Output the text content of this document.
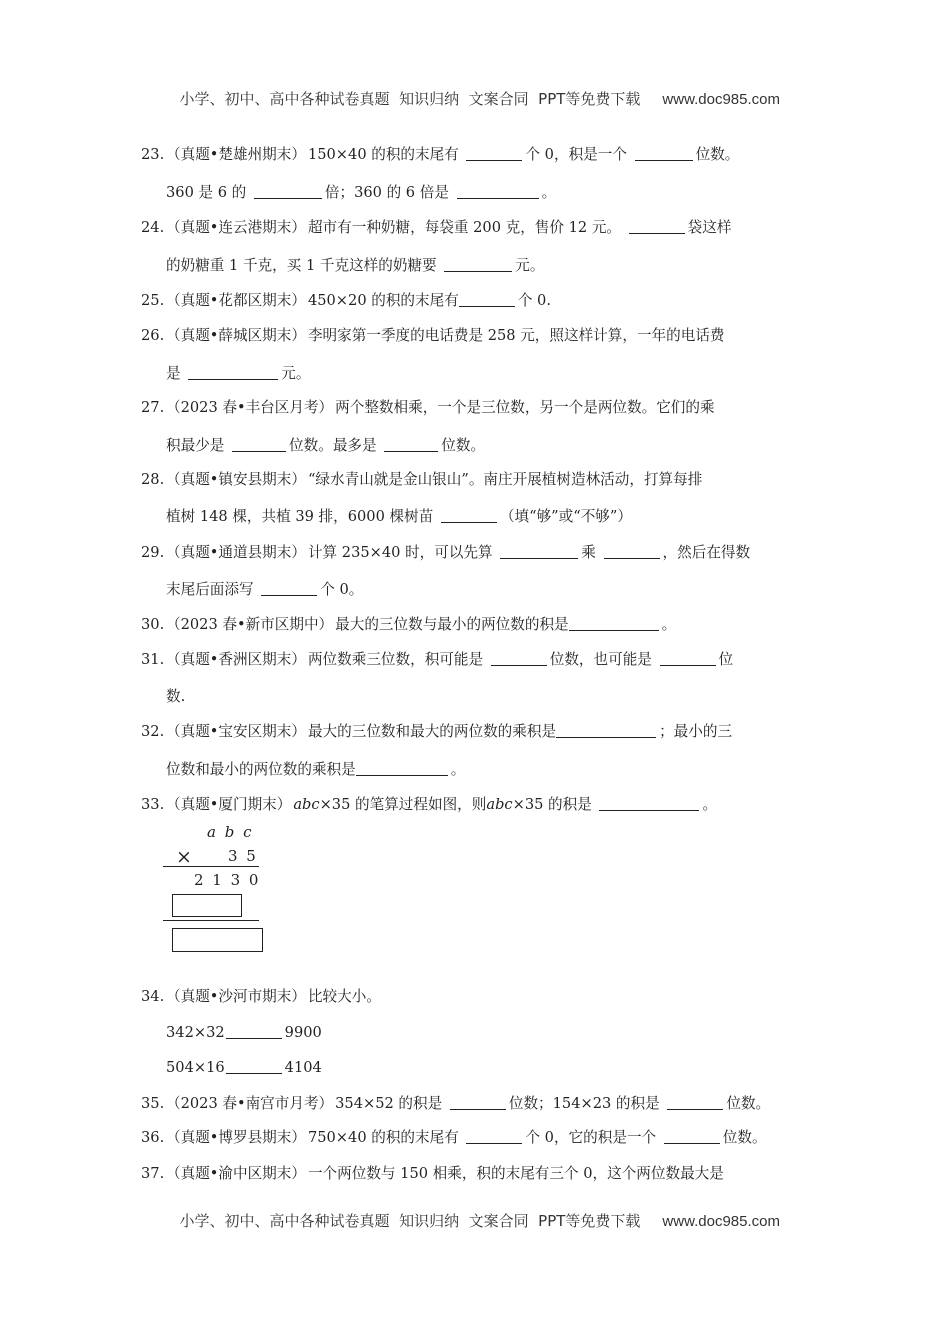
小学、初中、高中各种试卷真题  知识归纳  文案合同  PPT等免费下载 www.doc985.com

23. （真题•楚雄州期末） 150×40 的积的末尾有	个 0，积是一个	位数。
360 是 6 的	倍；360 的 6 倍是	。
24. （真题•连云港期末） 超市有一种奶糖，每袋重 200 克，售价 12 元。	袋这样
的奶糖重 1 千克，买 1 千克这样的奶糖要	元。
25. （真题•花都区期末） 450×20 的积的末尾有	个 0.
26. （真题•薛城区期末） 李明家第一季度的电话费是 258 元，照这样计算，一年的电话费
是	元。
27. （2023 春•丰台区月考） 两个整数相乘，一个是三位数，另一个是两位数。它们的乘
积最少是	位数。最多是	位数。
28. （真题•镇安县期末） “绿水青山就是金山银山”。南庄开展植树造林活动，打算每排
植树 148 棵，共植 39 排，6000 棵树苗	（填“够”或“不够”）
29. （真题•通道县期末） 计算 235×40 时，可以先算	乘	，然后在得数
末尾后面添写	个 0。
30. （2023 春•新市区期中） 最大的三位数与最小的两位数的积是	。
31. （真题•香洲区期末） 两位数乘三位数，积可能是	位数，也可能是	位
数.
32. （真题•宝安区期末） 最大的三位数和最大的两位数的乘积是	；最小的三
位数和最小的两位数的乘积是	。
33. （真题•厦门期末） abc×35 的笔算过程如图，则abc×35 的积是	。
a b c
× 3 5
2 1 3 0
34. （真题•沙河市期末） 比较大小。
342×32	9900
504×16	4104
35. （2023 春•南宫市月考） 354×52 的积是	位数；154×23 的积是	位数。
36. （真题•博罗县期末） 750×40 的积的末尾有	个 0，它的积是一个	位数。
37. （真题•渝中区期末） 一个两位数与 150 相乘，积的末尾有三个 0，这个两位数最大是

小学、初中、高中各种试卷真题  知识归纳  文案合同  PPT等免费下载 www.doc985.com
